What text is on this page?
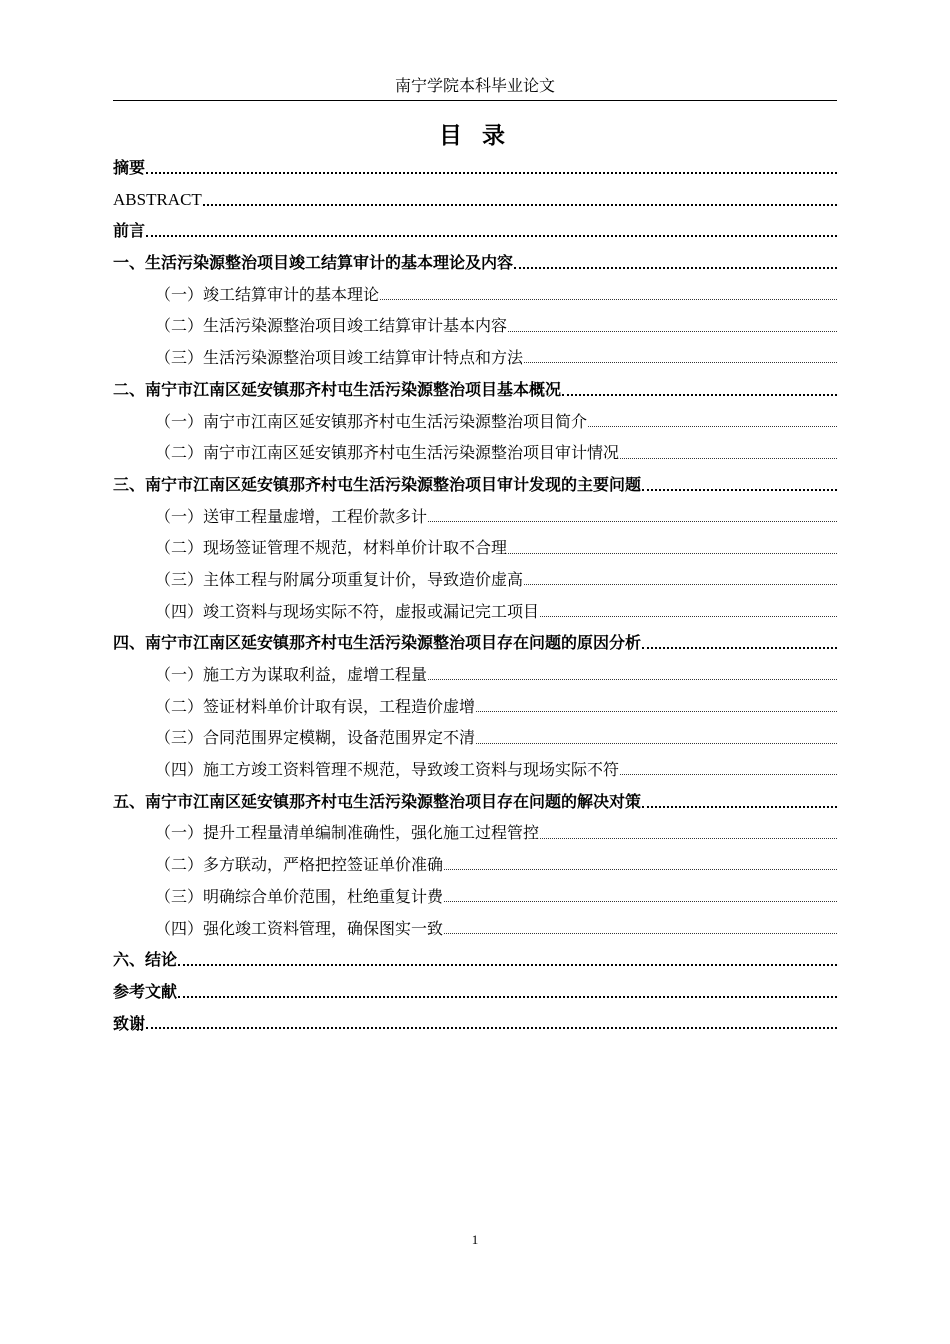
南宁学院本科毕业论文
目 录
摘要
ABSTRACT
前言
一、生活污染源整治项目竣工结算审计的基本理论及内容
（一）竣工结算审计的基本理论
（二）生活污染源整治项目竣工结算审计基本内容
（三）生活污染源整治项目竣工结算审计特点和方法
二、南宁市江南区延安镇那齐村屯生活污染源整治项目基本概况
（一）南宁市江南区延安镇那齐村屯生活污染源整治项目简介
（二）南宁市江南区延安镇那齐村屯生活污染源整治项目审计情况
三、南宁市江南区延安镇那齐村屯生活污染源整治项目审计发现的主要问题
（一）送审工程量虚增，工程价款多计
（二）现场签证管理不规范，材料单价计取不合理
（三）主体工程与附属分项重复计价，导致造价虚高
（四）竣工资料与现场实际不符，虚报或漏记完工项目
四、南宁市江南区延安镇那齐村屯生活污染源整治项目存在问题的原因分析
（一）施工方为谋取利益，虚增工程量
（二）签证材料单价计取有误，工程造价虚增
（三）合同范围界定模糊，设备范围界定不清
（四）施工方竣工资料管理不规范，导致竣工资料与现场实际不符
五、南宁市江南区延安镇那齐村屯生活污染源整治项目存在问题的解决对策
（一）提升工程量清单编制准确性，强化施工过程管控
（二）多方联动，严格把控签证单价准确
（三）明确综合单价范围，杜绝重复计费
（四）强化竣工资料管理，确保图实一致
六、结论
参考文献
致谢
1
